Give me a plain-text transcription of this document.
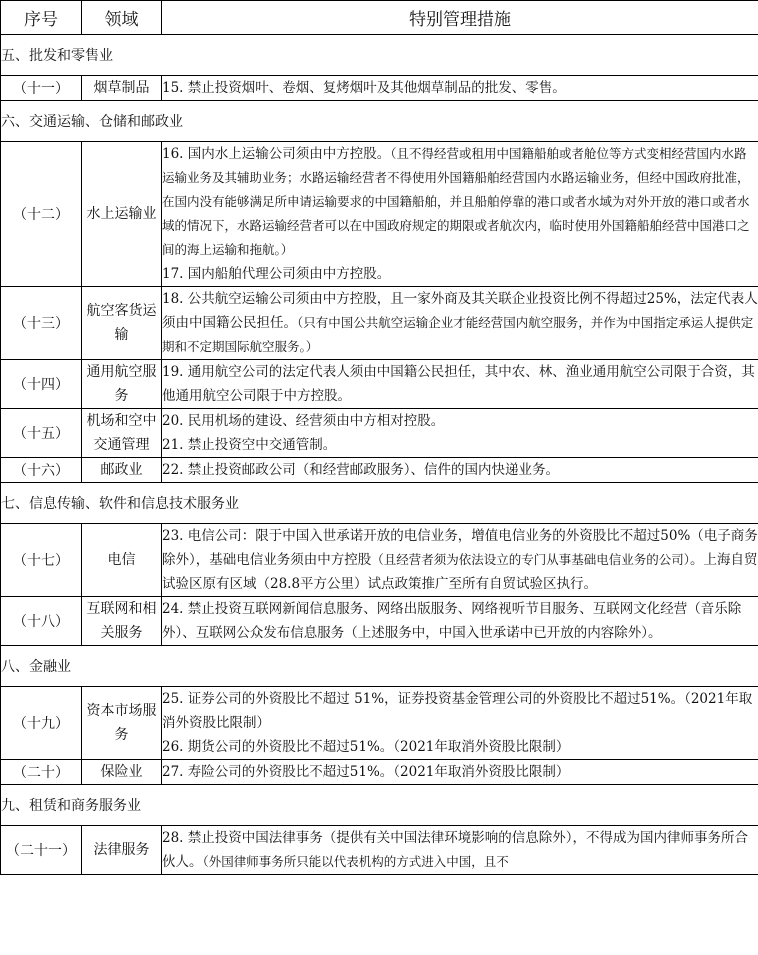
序号	领域	特别管理措施
五、批发和零售业		
（十一）	烟草制品	15. 禁止投资烟叶、卷烟、复烤烟叶及其他烟草制品的批发、零售。

六、交通运输、仓储和邮政业		
（十二）	水上运输业	16. 国内水上运输公司须由中方控股。（且不得经营或租用中国籍船舶或者舱位等方式变相经营国内水路运输业务及其辅助业务；水路运输经营者不得使用外国籍船舶经营国内水路运输业务，但经中国政府批准，在国内没有能够满足所申请运输要求的中国籍船舶，并且船舶停靠的港口或者水域为对外开放的港口或者水域的情况下，水路运输经营者可以在中国政府规定的期限或者航次内，临时使用外国籍船舶经营中国港口之间的海上运输和拖航。）
17. 国内船舶代理公司须由中方控股。

（十三）	航空客货运输	18. 公共航空运输公司须由中方控股，且一家外商及其关联企业投资比例不得超过25%，法定代表人须由中国籍公民担任。（只有中国公共航空运输企业才能经营国内航空服务，并作为中国指定承运人提供定期和不定期国际航空服务。）

（十四）	通用航空服务	19. 通用航空公司的法定代表人须由中国籍公民担任，其中农、林、渔业通用航空公司限于合资，其他通用航空公司限于中方控股。

（十五）	机场和空中交通管理	20. 民用机场的建设、经营须由中方相对控股。
21. 禁止投资空中交通管制。

（十六）	邮政业	22. 禁止投资邮政公司（和经营邮政服务）、信件的国内快递业务。

七、信息传输、软件和信息技术服务业		
（十七）	电信	23. 电信公司：限于中国入世承诺开放的电信业务，增值电信业务的外资股比不超过50%（电子商务除外），基础电信业务须由中方控股（且经营者须为依法设立的专门从事基础电信业务的公司）。上海自贸试验区原有区域（28.8平方公里）试点政策推广至所有自贸试验区执行。

（十八）	互联网和相关服务	24. 禁止投资互联网新闻信息服务、网络出版服务、网络视听节目服务、互联网文化经营（音乐除外）、互联网公众发布信息服务（上述服务中，中国入世承诺中已开放的内容除外）。

八、金融业		
（十九）	资本市场服务	25. 证券公司的外资股比不超过 51%，证券投资基金管理公司的外资股比不超过51%。（2021年取消外资股比限制）
26. 期货公司的外资股比不超过51%。（2021年取消外资股比限制）

（二十）	保险业	27. 寿险公司的外资股比不超过51%。（2021年取消外资股比限制）

九、租赁和商务服务业		
（二十一）	法律服务	28. 禁止投资中国法律事务（提供有关中国法律环境影响的信息除外），不得成为国内律师事务所合伙人。（外国律师事务所只能以代表机构的方式进入中国，且不
